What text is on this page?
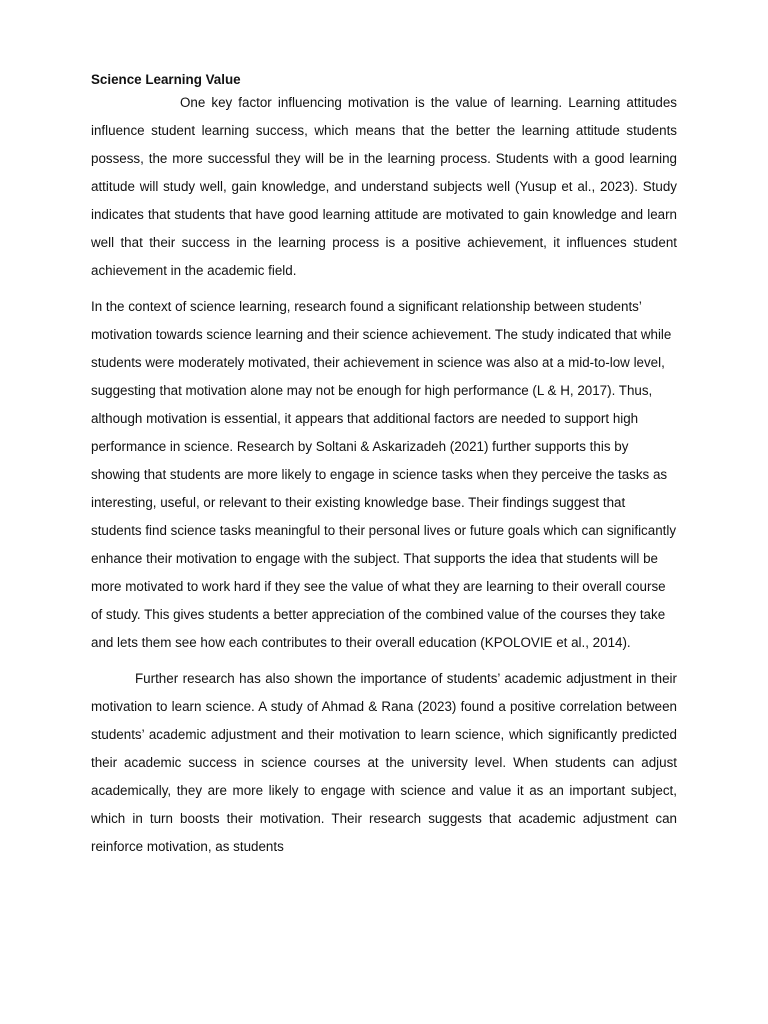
Science Learning Value

One key factor influencing motivation is the value of learning. Learning attitudes influence student learning success, which means that the better the learning attitude students possess, the more successful they will be in the learning process. Students with a good learning attitude will study well, gain knowledge, and understand subjects well (Yusup et al., 2023). Study indicates that students that have good learning attitude are motivated to gain knowledge and learn well that their success in the learning process is a positive achievement, it influences student achievement in the academic field.

In the context of science learning, research found a significant relationship between students’ motivation towards science learning and their science achievement. The study indicated that while students were moderately motivated, their achievement in science was also at a mid-to-low level, suggesting that motivation alone may not be enough for high performance (L & H, 2017). Thus, although motivation is essential, it appears that additional factors are needed to support high performance in science. Research by Soltani & Askarizadeh (2021) further supports this by showing that students are more likely to engage in science tasks when they perceive the tasks as interesting, useful, or relevant to their existing knowledge base. Their findings suggest that students find science tasks meaningful to their personal lives or future goals which can significantly enhance their motivation to engage with the subject. That supports the idea that students will be more motivated to work hard if they see the value of what they are learning to their overall course of study. This gives students a better appreciation of the combined value of the courses they take and lets them see how each contributes to their overall education (KPOLOVIE et al., 2014).

Further research has also shown the importance of students’ academic adjustment in their motivation to learn science. A study of Ahmad & Rana (2023) found a positive correlation between students’ academic adjustment and their motivation to learn science, which significantly predicted their academic success in science courses at the university level. When students can adjust academically, they are more likely to engage with science and value it as an important subject, which in turn boosts their motivation. Their research suggests that academic adjustment can reinforce motivation, as students
